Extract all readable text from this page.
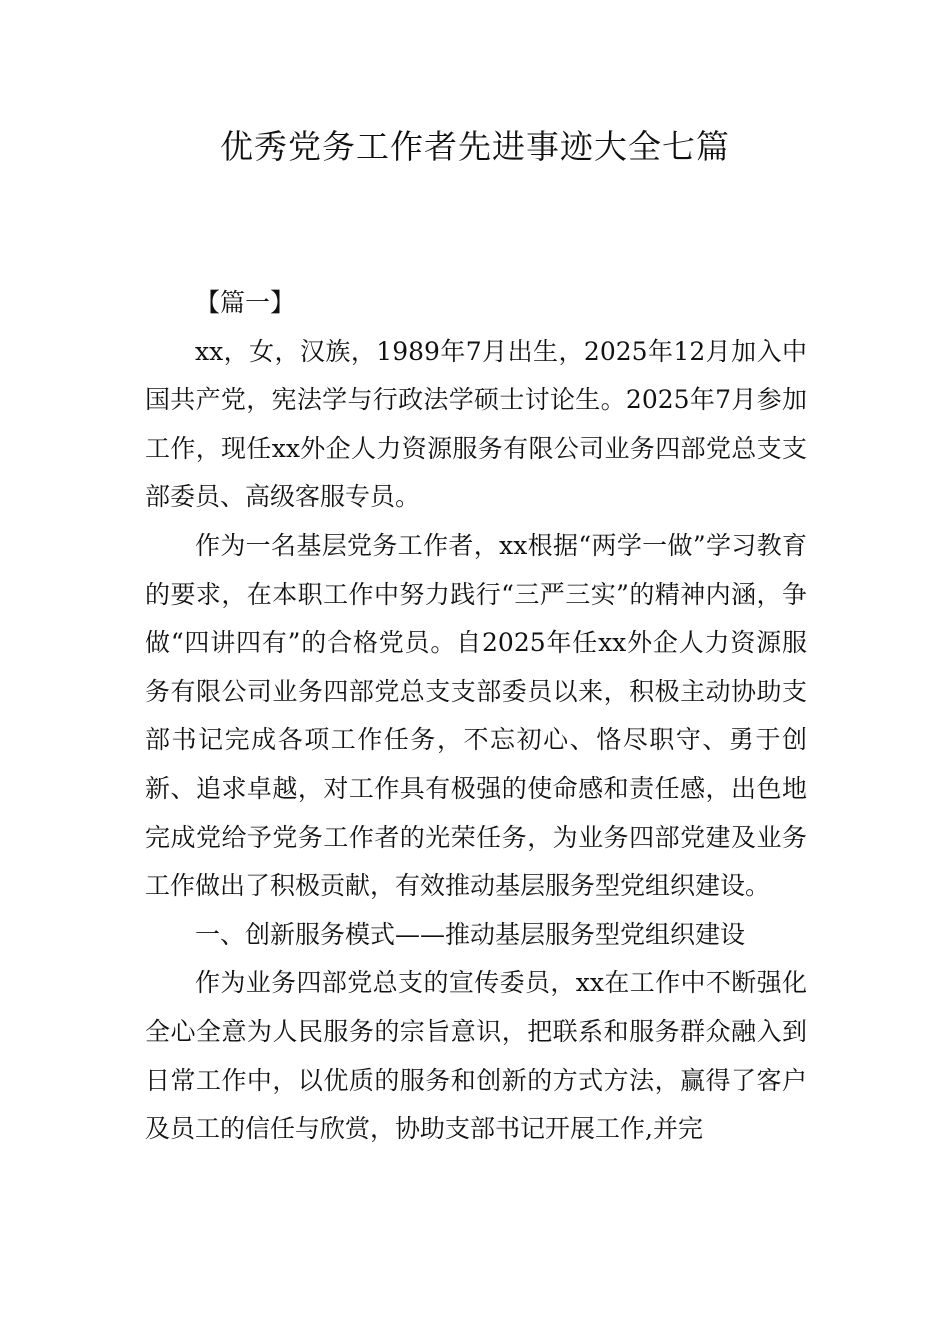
优秀党务工作者先进事迹大全七篇

【篇一】

xx，女，汉族，1989年7月出生，2025年12月加入中国共产党，宪法学与行政法学硕士讨论生。2025年7月参加工作，现任xx外企人力资源服务有限公司业务四部党总支支部委员、高级客服专员。

作为一名基层党务工作者，xx根据“两学一做”学习教育的要求，在本职工作中努力践行“三严三实”的精神内涵，争做“四讲四有”的合格党员。自2025年任xx外企人力资源服务有限公司业务四部党总支支部委员以来，积极主动协助支部书记完成各项工作任务，不忘初心、恪尽职守、勇于创新、追求卓越，对工作具有极强的使命感和责任感，出色地完成党给予党务工作者的光荣任务，为业务四部党建及业务工作做出了积极贡献，有效推动基层服务型党组织建设。

一、创新服务模式——推动基层服务型党组织建设

作为业务四部党总支的宣传委员，xx在工作中不断强化全心全意为人民服务的宗旨意识，把联系和服务群众融入到日常工作中，以优质的服务和创新的方式方法，赢得了客户及员工的信任与欣赏，协助支部书记开展工作,并完
